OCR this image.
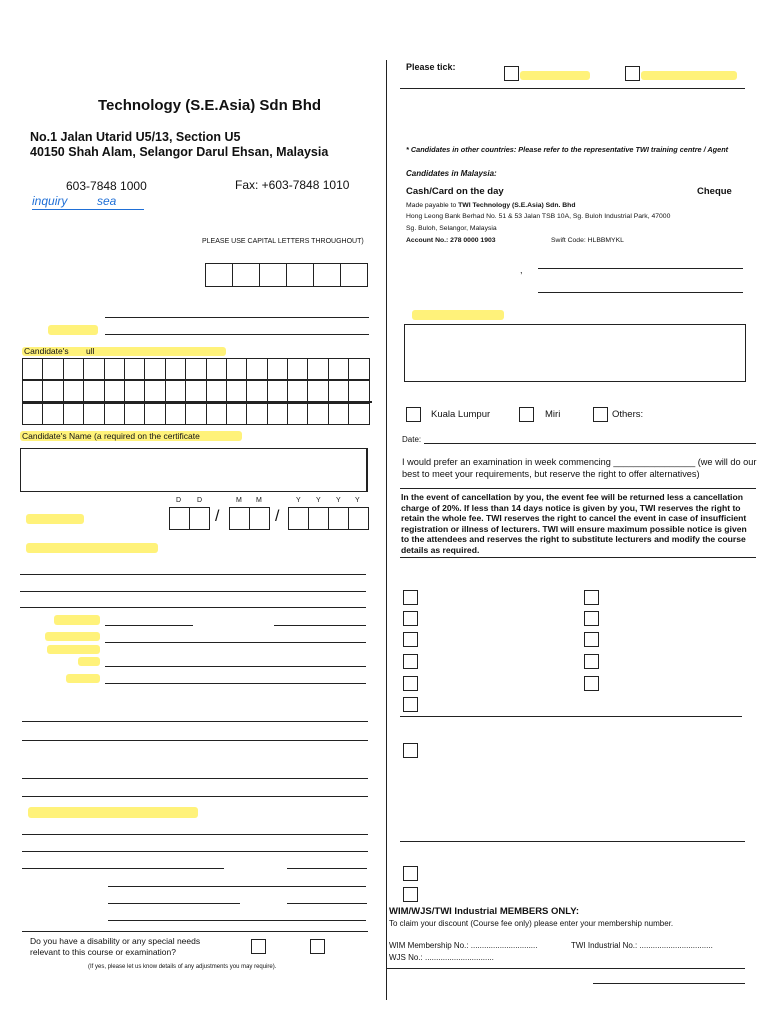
Technology (S.E.Asia) Sdn Bhd
No.1 Jalan Utarid U5/13, Section U5
40150 Shah Alam, Selangor Darul Ehsan, Malaysia
603-7848 1000	Fax: +603-7848 1010
inquiry sea
PLEASE USE CAPITAL LETTERS THROUGHOUT)
Candidate's ull
Candidate's Name (a required on the certificate
D D	M M	Y Y Y Y
/	/
Do you have a disability or any special needs relevant to this course or examination?
(If yes, please let us know details of any adjustments you may require).
Please tick:
* Candidates in other countries: Please refer to the representative TWI training centre / Agent
Candidates in Malaysia:
Cash/Card on the day	Cheque
Made payable to TWI Technology (S.E.Asia) Sdn. Bhd
Hong Leong Bank Berhad No. 51 & 53 Jalan TSB 10A, Sg. Buloh Industrial Park, 47000
Sg. Buloh, Selangor, Malaysia
Account No.: 278 0000 1903	Swift Code: HLBBMYKL
,
Kuala Lumpur	Miri	Others:
Date:
I would prefer an examination in week commencing ________________ (we will do our best to meet your requirements, but reserve the right to offer alternatives)
In the event of cancellation by you, the event fee will be returned less a cancellation charge of 20%. If less than 14 days notice is given by you, TWI reserves the right to retain the whole fee. TWI reserves the right to cancel the event in case of insufficient registration or illness of lecturers. TWI will ensure maximum possible notice is given to the attendees and reserves the right to substitute lecturers and modify the course details as required.
WIM/WJS/TWI Industrial MEMBERS ONLY:
To claim your discount (Course fee only) please enter your membership number.
WIM Membership No.: ..............................	TWI Industrial No.: .................................
WJS No.: ...............................
